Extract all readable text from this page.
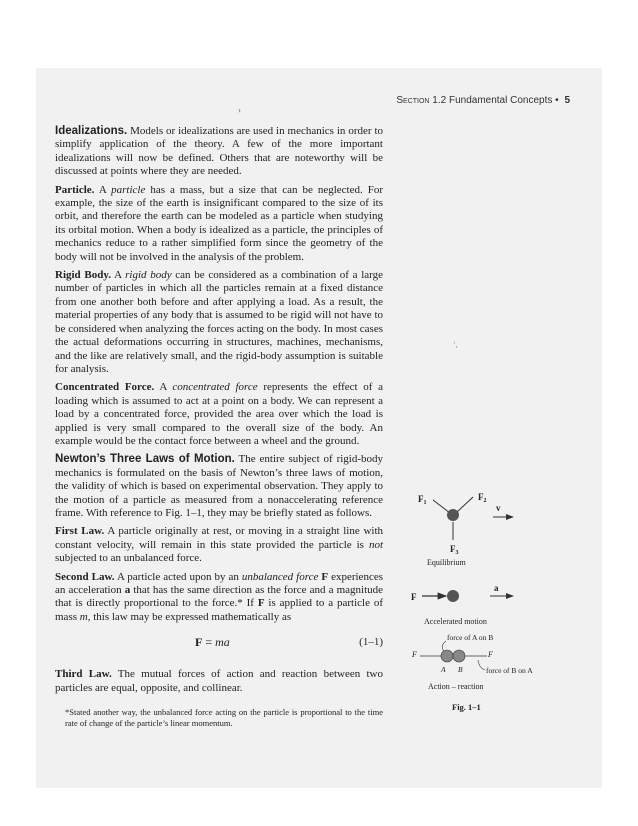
Section 1.2 Fundamental Concepts • 5
›
ʻ,

Idealizations. Models or idealizations are used in mechanics in order to simplify application of the theory. A few of the more important idealizations will now be defined. Others that are noteworthy will be discussed at points where they are needed.

Particle. A particle has a mass, but a size that can be neglected. For example, the size of the earth is insignificant compared to the size of its orbit, and therefore the earth can be modeled as a particle when studying its orbital motion. When a body is idealized as a particle, the principles of mechanics reduce to a rather simplified form since the geometry of the body will not be involved in the analysis of the problem.

Rigid Body. A rigid body can be considered as a combination of a large number of particles in which all the particles remain at a fixed distance from one another both before and after applying a load. As a result, the material properties of any body that is assumed to be rigid will not have to be considered when analyzing the forces acting on the body. In most cases the actual deformations occurring in structures, machines, mechanisms, and the like are relatively small, and the rigid-body assumption is suitable for analysis.

Concentrated Force. A concentrated force represents the effect of a loading which is assumed to act at a point on a body. We can represent a load by a concentrated force, provided the area over which the load is applied is very small compared to the overall size of the body. An example would be the contact force between a wheel and the ground.

Newton’s Three Laws of Motion. The entire subject of rigid-body mechanics is formulated on the basis of Newton’s three laws of motion, the validity of which is based on experimental observation. They apply to the motion of a particle as measured from a nonaccelerating reference frame. With reference to Fig. 1–1, they may be briefly stated as follows.

First Law. A particle originally at rest, or moving in a straight line with constant velocity, will remain in this state provided the particle is not subjected to an unbalanced force.

Second Law. A particle acted upon by an unbalanced force F experiences an acceleration a that has the same direction as the force and a magnitude that is directly proportional to the force.* If F is applied to a particle of mass m, this law may be expressed mathematically as

F = ma	(1–1)

Third Law. The mutual forces of action and reaction between two particles are equal, opposite, and collinear.

*Stated another way, the unbalanced force acting on the particle is proportional to the time rate of change of the particle’s linear momentum.
$F_1$
$F_2$
v
$F_3$
Equilibrium
F
a
Accelerated motion
force of A on B
F	F
A B	force of B on A
Action – reaction
Fig. 1–1
